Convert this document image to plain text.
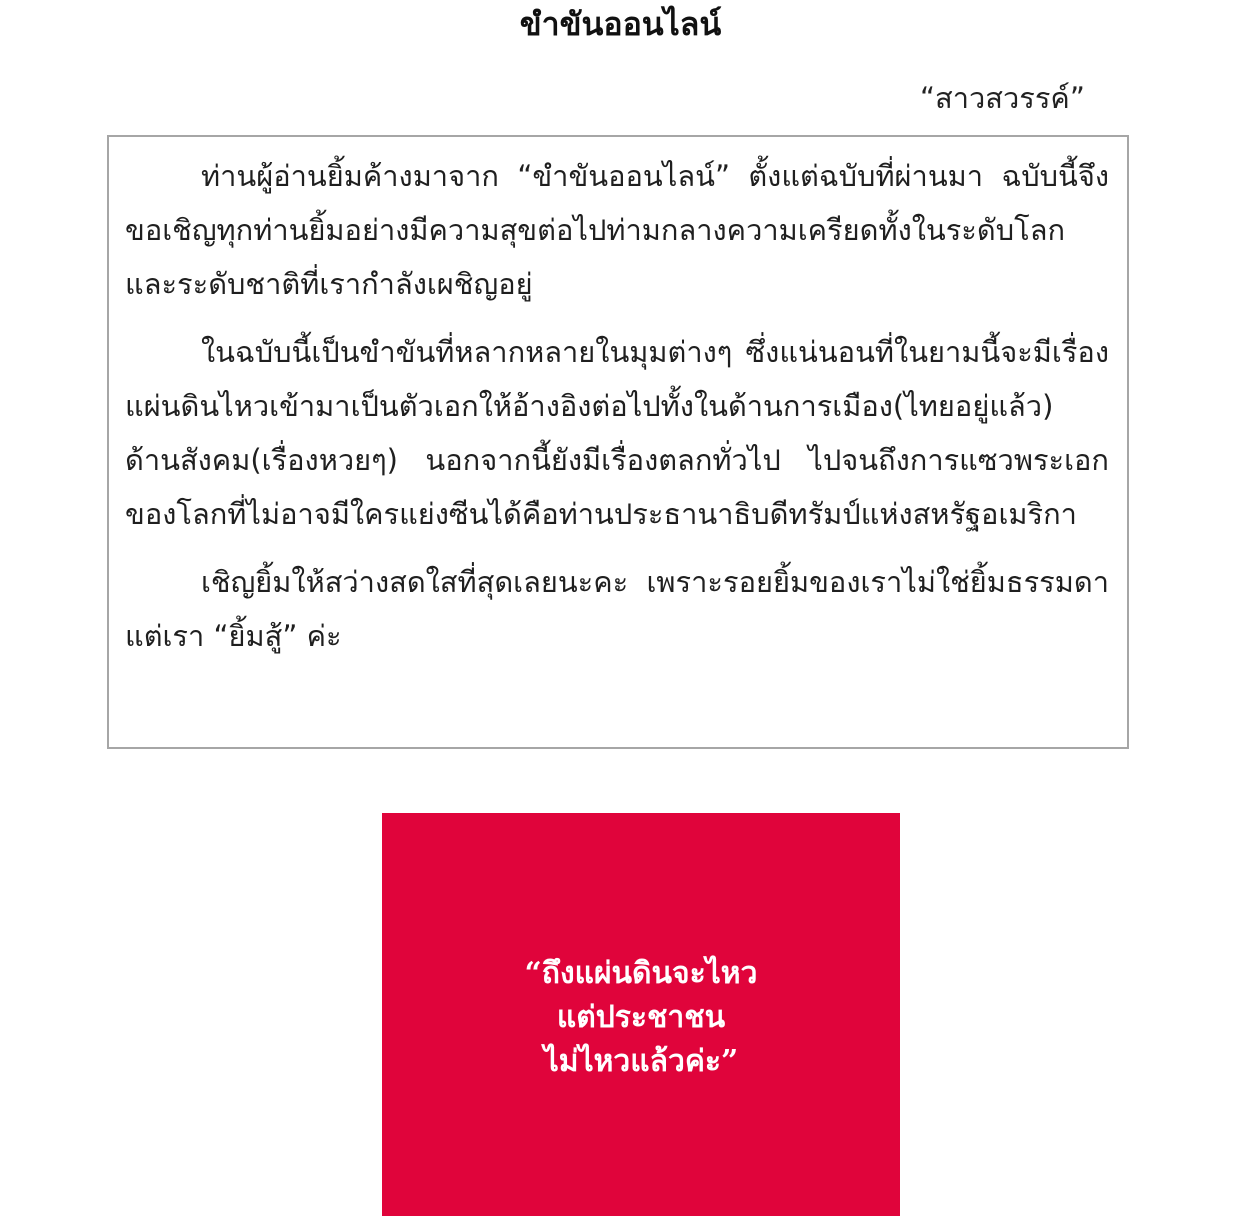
ขำขันออนไลน์
“สาวสวรรค์”

ท่านผู้อ่านยิ้มค้างมาจาก “ขำขันออนไลน์” ตั้งแต่ฉบับที่ผ่านมา ฉบับนี้จึงขอเชิญทุกท่านยิ้มอย่างมีความสุขต่อไปท่ามกลางความเครียดทั้งในระดับโลกและระดับชาติที่เรากำลังเผชิญอยู่

ในฉบับนี้เป็นขำขันที่หลากหลายในมุมต่างๆ ซึ่งแน่นอนที่ในยามนี้จะมีเรื่องแผ่นดินไหวเข้ามาเป็นตัวเอกให้อ้างอิงต่อไปทั้งในด้านการเมือง(ไทยอยู่แล้ว) ด้านสังคม(เรื่องหวยๆ) นอกจากนี้ยังมีเรื่องตลกทั่วไป ไปจนถึงการแซวพระเอกของโลกที่ไม่อาจมีใครแย่งซีนได้คือท่านประธานาธิบดีทรัมป์แห่งสหรัฐอเมริกา

เชิญยิ้มให้สว่างสดใสที่สุดเลยนะคะ เพราะรอยยิ้มของเราไม่ใช่ยิ้มธรรมดา แต่เรา “ยิ้มสู้” ค่ะ

“ถึงแผ่นดินจะไหว
แต่ประชาชน
ไม่ไหวแล้วค่ะ”
